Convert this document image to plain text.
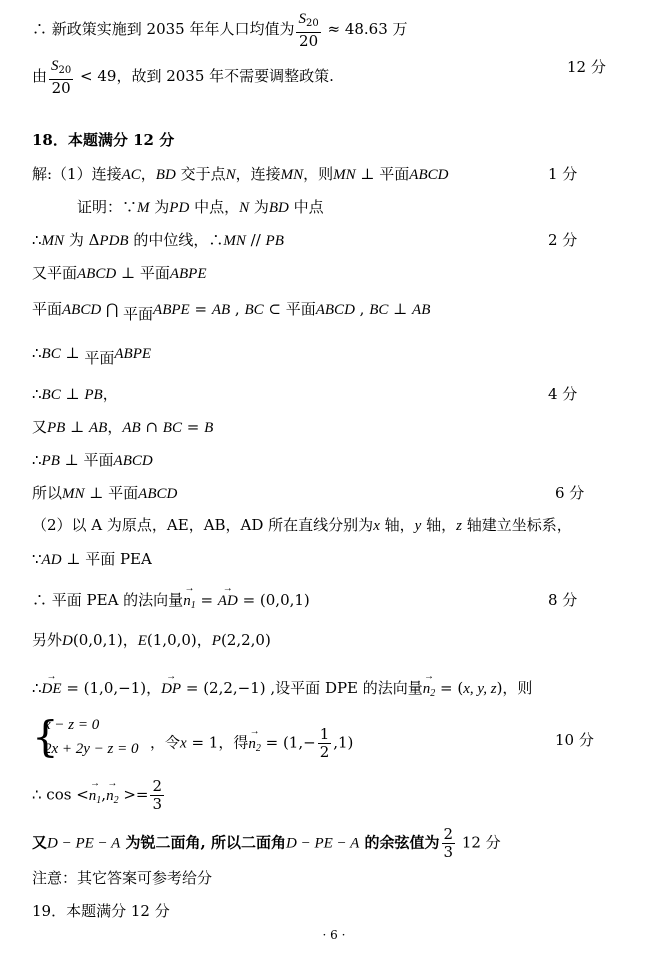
∴ 新政策实施到 2035 年年人口均值为 $\frac{S_{20}}{20} \approx 48.63$ 万
由 $\frac{S_{20}}{20} < 49$，故到 2035 年不需要调整政策.	12 分
18．本题满分 12 分
解:（1）连接AC，BD 交于点N，连接MN，则MN ⊥ 平面ABCD	1 分
证明：∵M 为PD 中点，N 为BD 中点
∴MN 为 ΔPDB 的中位线，∴MN // PB	2 分
又平面ABCD ⊥ 平面ABPE
平面ABCD ⋂ 平面ABPE = AB , BC ⊂ 平面ABCD , BC ⊥ AB
∴BC ⊥ 平面ABPE
∴BC ⊥ PB，	4 分
又PB ⊥ AB，AB ∩ BC = B
∴PB ⊥ 平面ABCD
所以MN ⊥ 平面ABCD	6 分
（2）以 A 为原点，AE，AB，AD 所在直线分别为x 轴，y 轴，z 轴建立坐标系，
∵AD ⊥ 平面 PEA
∴ 平面 PEA 的法向量→ $n_1$ = → AD = (0,0,1)	8 分
另外D(0,0,1)，E(1,0,0)，P(2,2,0)
∴→ DE = (1,0,−1)，→ DP = (2,2,−1) ,设平面 DPE 的法向量→ $n_2 = (x$, y, z)，则
{
x − z = 0
2x + 2y − z = 0 ，令x = 1，得→ $n_2 = (1,- \frac{1}{2} ,1)$	10 分
∴ $\cos <\to n_1,\to n_2 >= \frac{2}{3}$
又D − PE − A 为锐二面角, 所以二面角D − PE − A 的余弦值为 $\frac{2}{3} 12$ 分
注意：其它答案可参考给分
19．本题满分 12 分
· 6 ·
